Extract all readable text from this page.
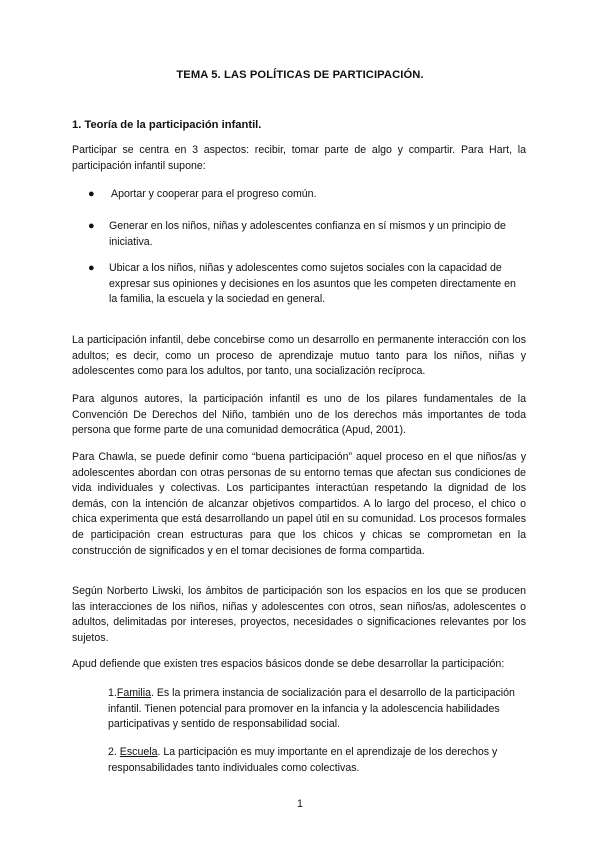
TEMA 5. LAS POLÍTICAS DE PARTICIPACIÓN.
1. Teoría de la participación infantil.

Participar se centra en 3 aspectos: recibir, tomar parte de algo y compartir. Para Hart, la participación infantil supone:

● Aportar y cooperar para el progreso común.
● Generar en los niños, niñas y adolescentes confianza en sí mismos y un principio de iniciativa.
● Ubicar a los niños, niñas y adolescentes como sujetos sociales con la capacidad de expresar sus opiniones y decisiones en los asuntos que les competen directamente en la familia, la escuela y la sociedad en general.

La participación infantil, debe concebirse como un desarrollo en permanente interacción con los adultos; es decir, como un proceso de aprendizaje mutuo tanto para los niños, niñas y adolescentes como para los adultos, por tanto, una socialización recíproca.

Para algunos autores, la participación infantil es uno de los pilares fundamentales de la Convención De Derechos del Niño, también uno de los derechos más importantes de toda persona que forme parte de una comunidad democrática (Apud, 2001).

Para Chawla, se puede definir como “buena participación” aquel proceso en el que niños/as y adolescentes abordan con otras personas de su entorno temas que afectan sus condiciones de vida individuales y colectivas. Los participantes interactúan respetando la dignidad de los demás, con la intención de alcanzar objetivos compartidos. A lo largo del proceso, el chico o chica experimenta que está desarrollando un papel útil en su comunidad. Los procesos formales de participación crean estructuras para que los chicos y chicas se comprometan en la construcción de significados y en el tomar decisiones de forma compartida.

Según Norberto Liwski, los ámbitos de participación son los espacios en los que se producen las interacciones de los niños, niñas y adolescentes con otros, sean niños/as, adolescentes o adultos, delimitadas por intereses, proyectos, necesidades o significaciones relevantes por los sujetos.

Apud defiende que existen tres espacios básicos donde se debe desarrollar la participación:

1.Familia. Es la primera instancia de socialización para el desarrollo de la participación infantil. Tienen potencial para promover en la infancia y la adolescencia habilidades participativas y sentido de responsabilidad social.

2. Escuela. La participación es muy importante en el aprendizaje de los derechos y responsabilidades tanto individuales como colectivas.

1
